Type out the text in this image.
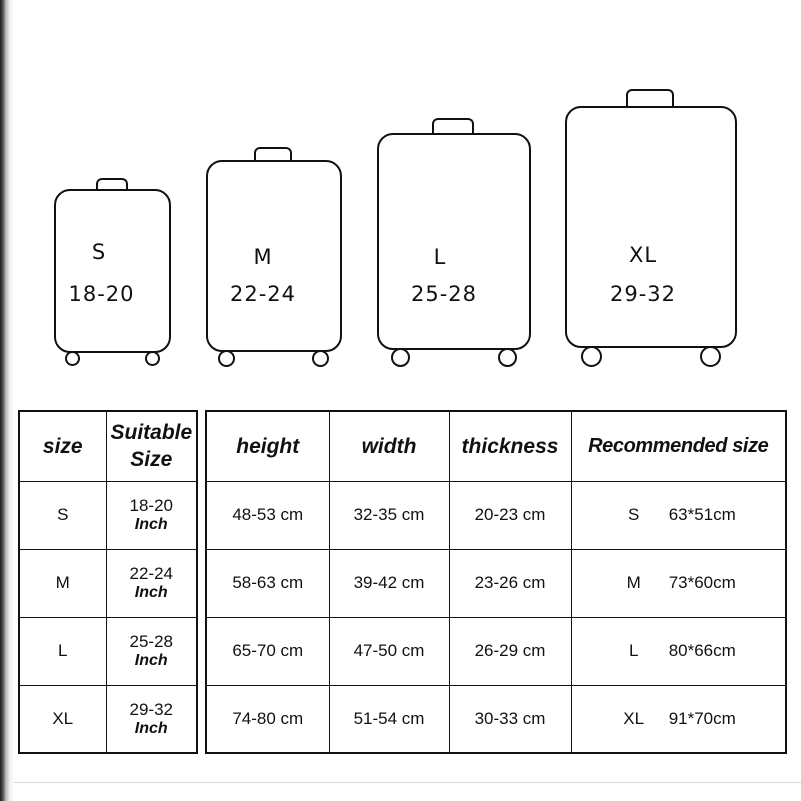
S
18-20
M
22-24
L
25-28
XL
29-32
size	Suitable Size
S	18-20
Inch

M	22-24
Inch

L	25-28
Inch

XL	29-32
Inch
height	width	thickness	Recommended size
48-53 cm	32-35 cm	20-23 cm	S 63*51cm
58-63 cm	39-42 cm	23-26 cm	M 73*60cm
65-70 cm	47-50 cm	26-29 cm	L 80*66cm
74-80 cm	51-54 cm	30-33 cm	XL 91*70cm
